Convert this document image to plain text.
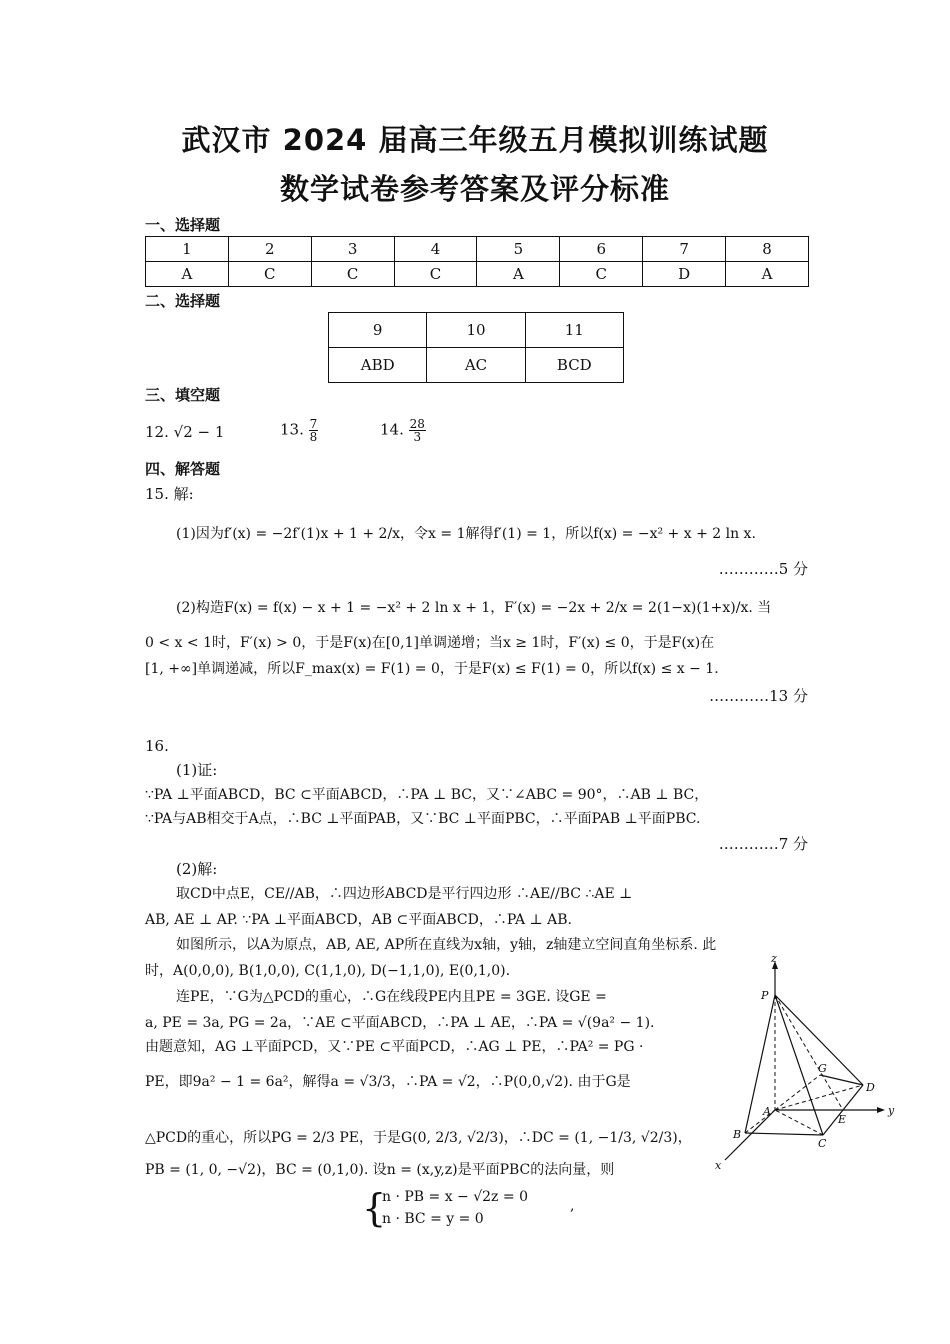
武汉市 2024 届高三年级五月模拟训练试题
数学试卷参考答案及评分标准
一、选择题
1	2	3	4	5	6	7	8
A	C	C	C	A	C	D	A
二、选择题
9	10	11
ABD	AC	BCD
三、填空题
12. √2 − 1	13. $\frac{7}{8}$	14. $\frac{28}{3}$
四、解答题
15. 解:
(1)因为f′(x) = −2f′(1)x + 1 + 2/x，令x = 1解得f′(1) = 1，所以f(x) = −x² + x + 2 ln x.
…………5 分
(2)构造F(x) = f(x) − x + 1 = −x² + 2 ln x + 1，F′(x) = −2x + 2/x = 2(1−x)(1+x)/x. 当
0 < x < 1时，F′(x) > 0，于是F(x)在[0,1]单调递增；当x ≥ 1时，F′(x) ≤ 0，于是F(x)在
[1, +∞]单调递减，所以F_max(x) = F(1) = 0，于是F(x) ≤ F(1) = 0，所以f(x) ≤ x − 1.
…………13 分
16.
(1)证:
∵PA ⊥平面ABCD，BC ⊂平面ABCD，∴PA ⊥ BC，又∵∠ABC = 90°，∴AB ⊥ BC，
∵PA与AB相交于A点，∴BC ⊥平面PAB，又∵BC ⊥平面PBC，∴平面PAB ⊥平面PBC.
…………7 分
(2)解:
取CD中点E，CE//AB，∴四边形ABCD是平行四边形 ∴AE//BC ∴AE ⊥
AB, AE ⊥ AP. ∵PA ⊥平面ABCD，AB ⊂平面ABCD，∴PA ⊥ AB.
如图所示，以A为原点，AB, AE, AP所在直线为x轴，y轴，z轴建立空间直角坐标系. 此
时，A(0,0,0), B(1,0,0), C(1,1,0), D(−1,1,0), E(0,1,0).
连PE，∵G为△PCD的重心，∴G在线段PE内且PE = 3GE. 设GE =
a, PE = 3a, PG = 2a，∵AE ⊂平面ABCD，∴PA ⊥ AE，∴PA = √(9a² − 1).
由题意知，AG ⊥平面PCD，又∵PE ⊂平面PCD，∴AG ⊥ PE，∴PA² = PG ·
PE，即9a² − 1 = 6a²，解得a = √3/3，∴PA = √2，∴P(0,0,√2). 由于G是
△PCD的重心，所以PG = 2/3 PE，于是G(0, 2/3, √2/3)，∴DC = (1, −1/3, √2/3)，
PB = (1, 0, −√2)，BC = (0,1,0). 设n = (x,y,z)是平面PBC的法向量，则
{
n · PB = x − √2z = 0
n · BC = y = 0
,
z
P
G
D
A
E
y
B
C
x
